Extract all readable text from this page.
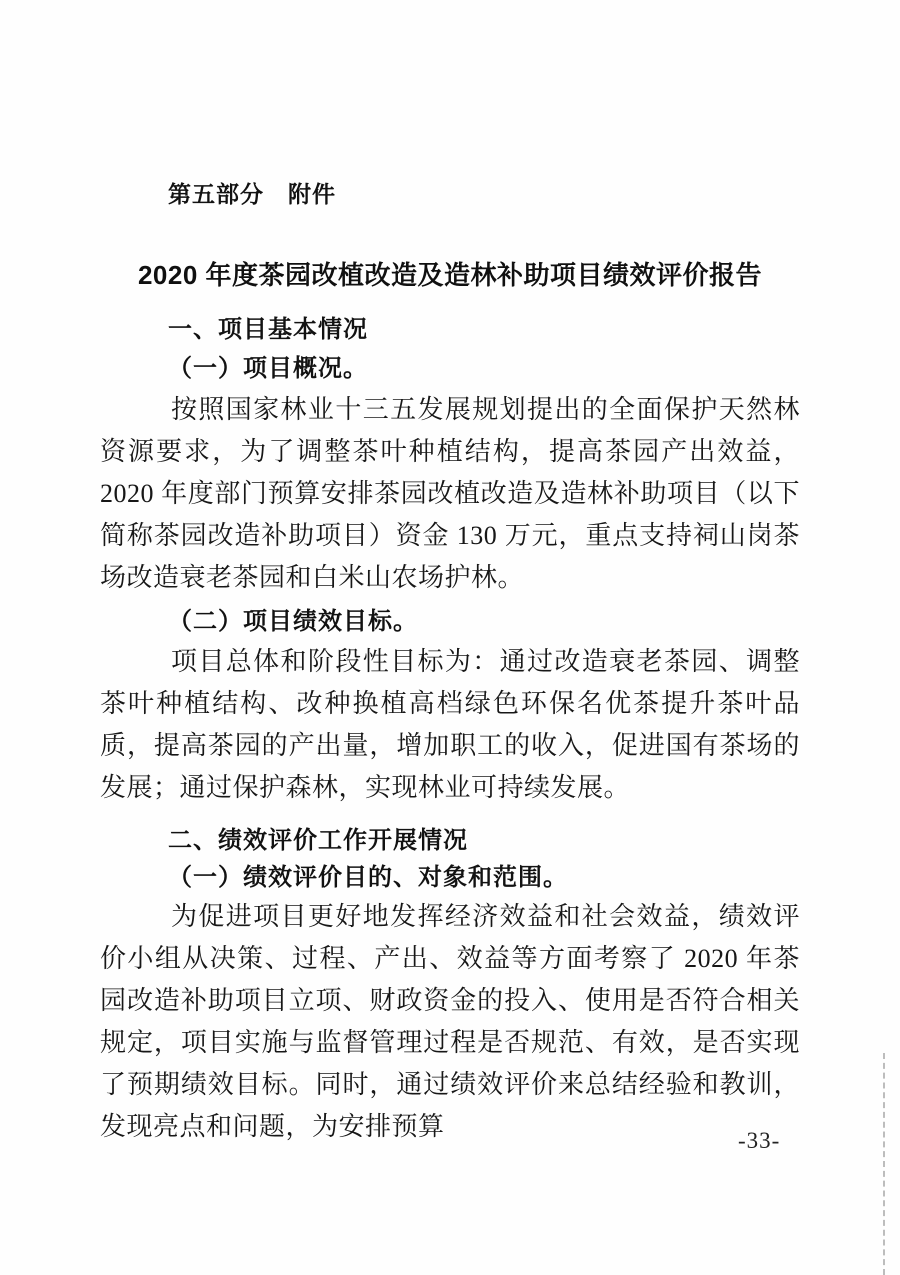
第五部分　附件
2020 年度茶园改植改造及造林补助项目绩效评价报告
一、项目基本情况
（一）项目概况。
按照国家林业十三五发展规划提出的全面保护天然林资源要求，为了调整茶叶种植结构，提高茶园产出效益，2020 年度部门预算安排茶园改植改造及造林补助项目（以下简称茶园改造补助项目）资金 130 万元，重点支持祠山岗茶场改造衰老茶园和白米山农场护林。
（二）项目绩效目标。
项目总体和阶段性目标为：通过改造衰老茶园、调整茶叶种植结构、改种换植高档绿色环保名优茶提升茶叶品质，提高茶园的产出量，增加职工的收入，促进国有茶场的发展；通过保护森林，实现林业可持续发展。
二、绩效评价工作开展情况
（一）绩效评价目的、对象和范围。
为促进项目更好地发挥经济效益和社会效益，绩效评价小组从决策、过程、产出、效益等方面考察了 2020 年茶园改造补助项目立项、财政资金的投入、使用是否符合相关规定，项目实施与监督管理过程是否规范、有效，是否实现了预期绩效目标。同时，通过绩效评价来总结经验和教训，发现亮点和问题，为安排预算	-33-
